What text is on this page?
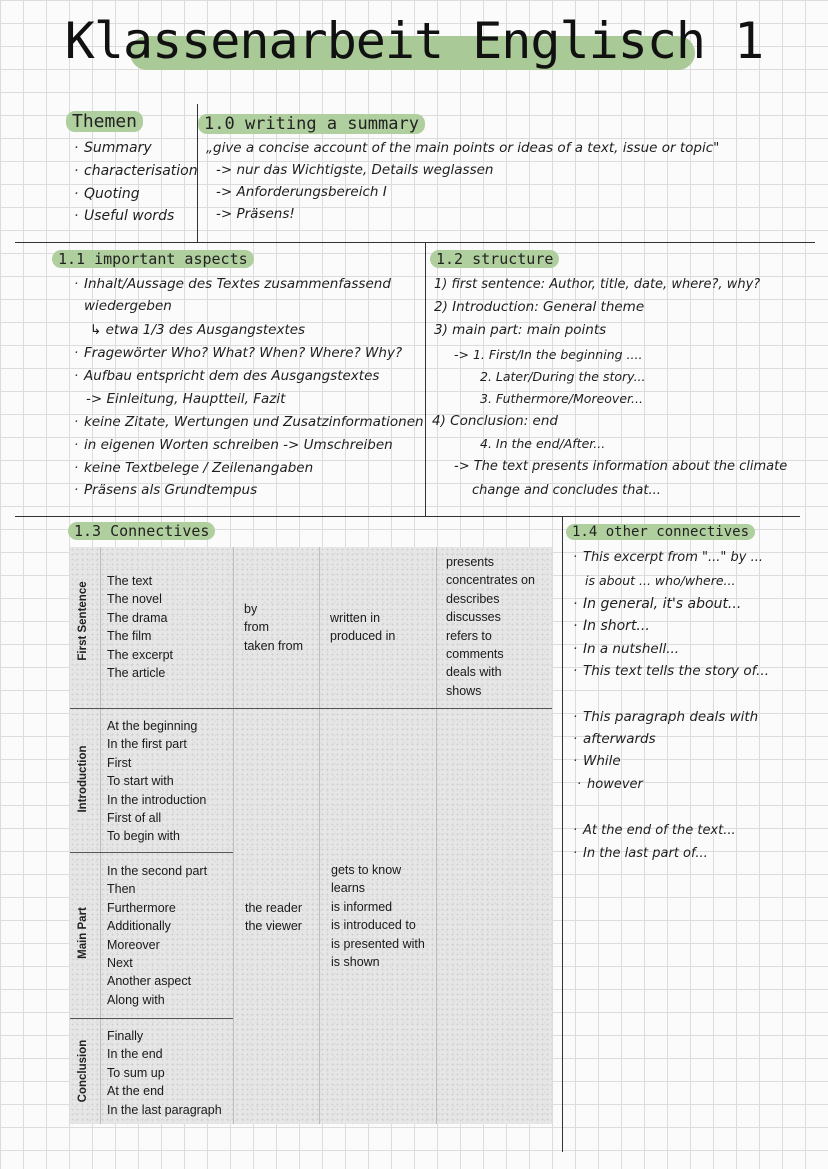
Klassenarbeit Englisch 1
Themen
· Summary
· characterisation
· Quoting
· Useful words
1.0 writing a summary
„give a concise account of the main points or ideas of a text, issue or topic"
-> nur das Wichtigste, Details weglassen
-> Anforderungsbereich I
-> Präsens!
1.1 important aspects
· Inhalt/Aussage des Textes zusammenfassend
wiedergeben
↳ etwa 1/3 des Ausgangstextes
· Fragewörter Who? What? When? Where? Why?
· Aufbau entspricht dem des Ausgangstextes
-> Einleitung, Hauptteil, Fazit
· keine Zitate, Wertungen und Zusatzinformationen
· in eigenen Worten schreiben -> Umschreiben
· keine Textbelege / Zeilenangaben
· Präsens als Grundtempus
1.2 structure
1) first sentence: Author, title, date, where?, why?
2) Introduction: General theme
3) main part: main points
-> 1. First/In the beginning ....
2. Later/During the story...
3. Futhermore/Moreover...
4) Conclusion: end
4. In the end/After...
-> The text presents information about the climate
change and concludes that...
1.3 Connectives
First Sentence
Introduction
Main Part
Conclusion
The text
The novel
The drama
The film
The excerpt
The article
by
from
taken from
written in
produced in
presents
concentrates on
describes
discusses
refers to
comments
deals with
shows
At the beginning
In the first part
First
To start with
In the introduction
First of all
To begin with
In the second part
Then
Furthermore
Additionally
Moreover
Next
Another aspect
Along with
the reader
the viewer
gets to know
learns
is informed
is introduced to
is presented with
is shown
Finally
In the end
To sum up
At the end
In the last paragraph
1.4 other connectives
· This excerpt from "..." by ...
is about ... who/where...
· In general, it's about...
· In short...
· In a nutshell...
· This text tells the story of...
· This paragraph deals with
· afterwards
· While
· however
· At the end of the text...
· In the last part of...
